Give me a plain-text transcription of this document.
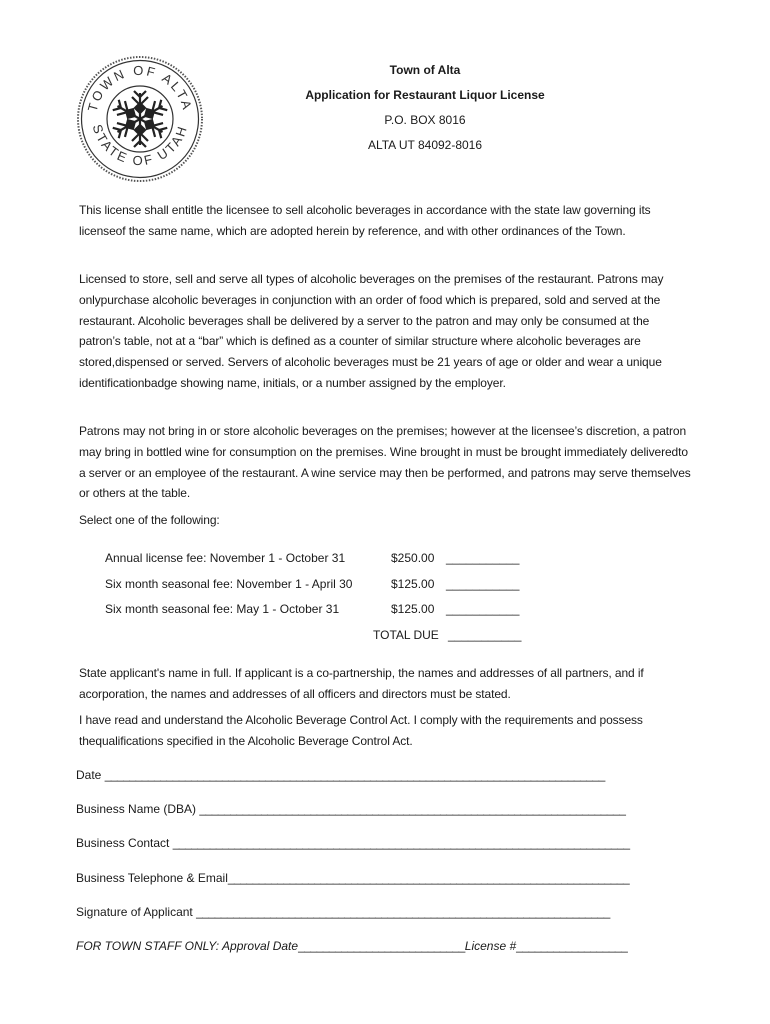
TOWN OF ALTA
STATE OF UTAH
Town of Alta
Application for Restaurant Liquor License
P.O. BOX 8016
ALTA UT 84092-8016
This license shall entitle the licensee to sell alcoholic beverages in accordance with the state law governing its licenseof the same name, which are adopted herein by reference, and with other ordinances of the Town.
Licensed to store, sell and serve all types of alcoholic beverages on the premises of the restaurant. Patrons may onlypurchase alcoholic beverages in conjunction with an order of food which is prepared, sold and served at the restaurant. Alcoholic beverages shall be delivered by a server to the patron and may only be consumed at the patron’s table, not at a “bar” which is defined as a counter of similar structure where alcoholic beverages are stored,dispensed or served. Servers of alcoholic beverages must be 21 years of age or older and wear a unique identificationbadge showing name, initials, or a number assigned by the employer.
Patrons may not bring in or store alcoholic beverages on the premises; however at the licensee’s discretion, a patron may bring in bottled wine for consumption on the premises. Wine brought in must be brought immediately deliveredto a server or an employee of the restaurant. A wine service may then be performed, and patrons may serve themselves or others at the table.
Select one of the following:
Annual license fee: November 1 - October 31	$250.00 ___________
Six month seasonal fee: November 1 - April 30	$125.00 ___________
Six month seasonal fee: May 1 - October 31	$125.00 ___________
TOTAL DUE ___________
State applicant's name in full. If applicant is a co-partnership, the names and addresses of all partners, and if acorporation, the names and addresses of all officers and directors must be stated.
I have read and understand the Alcoholic Beverage Control Act. I comply with the requirements and possess thequalifications specified in the Alcoholic Beverage Control Act.
Date _________________________________________________________________________________
Business Name (DBA) _____________________________________________________________________
Business Contact __________________________________________________________________________
Business Telephone & Email_________________________________________________________________
Signature of Applicant ___________________________________________________________________
FOR TOWN STAFF ONLY: Approval Date___________________________License #__________________
